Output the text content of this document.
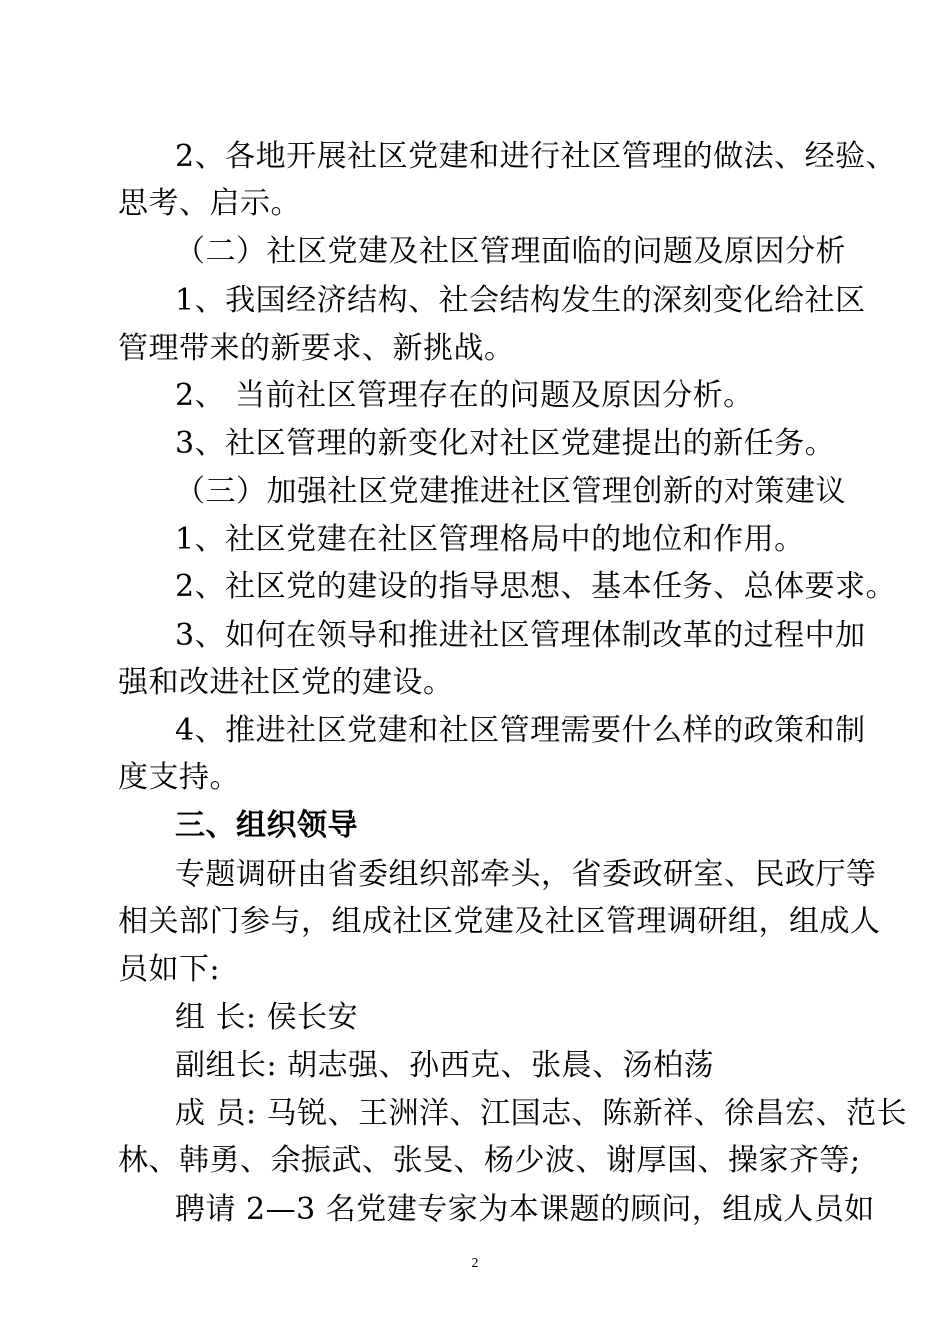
2、各地开展社区党建和进行社区管理的做法、经验、
思考、启示。
（二）社区党建及社区管理面临的问题及原因分析
1、我国经济结构、社会结构发生的深刻变化给社区
管理带来的新要求、新挑战。
2、 当前社区管理存在的问题及原因分析。
3、社区管理的新变化对社区党建提出的新任务。
（三）加强社区党建推进社区管理创新的对策建议
1、社区党建在社区管理格局中的地位和作用。
2、社区党的建设的指导思想、基本任务、总体要求。
3、如何在领导和推进社区管理体制改革的过程中加
强和改进社区党的建设。
4、推进社区党建和社区管理需要什么样的政策和制
度支持。
三、组织领导
专题调研由省委组织部牵头，省委政研室、民政厅等
相关部门参与，组成社区党建及社区管理调研组，组成人
员如下:
组 长: 侯长安
副组长: 胡志强、孙西克、张晨、汤柏荡
成 员: 马锐、王洲洋、江国志、陈新祥、徐昌宏、范长
林、韩勇、余振武、张旻、杨少波、谢厚国、操家齐等;
聘请 2—3 名党建专家为本课题的顾问，组成人员如
2
